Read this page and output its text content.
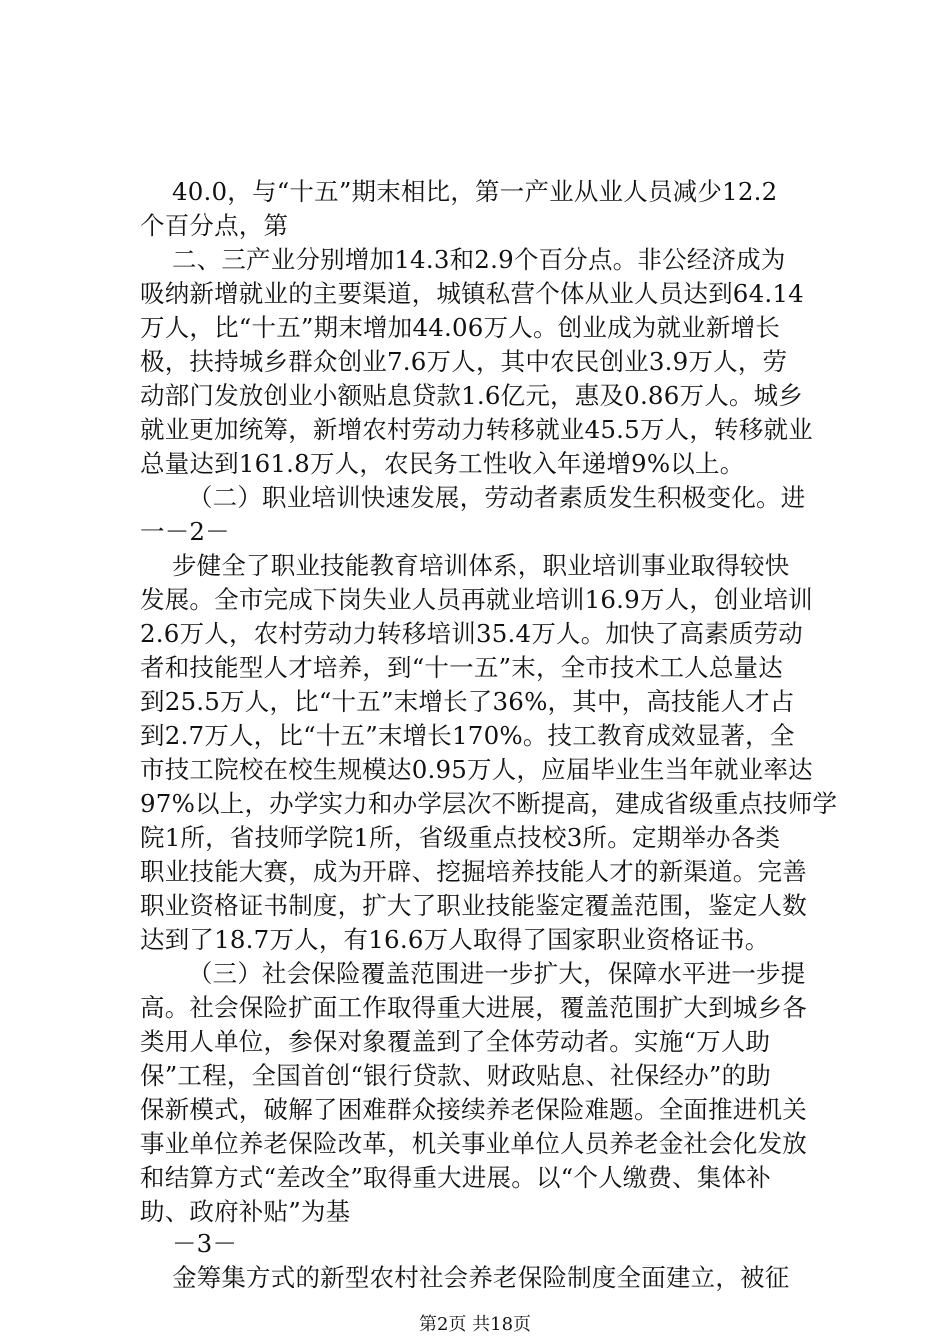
40.0，与“十五”期末相比，第一产业从业人员减少12.2
个百分点，第
二、三产业分别增加14.3和2.9个百分点。非公经济成为
吸纳新增就业的主要渠道，城镇私营个体从业人员达到64.14
万人，比“十五”期末增加44.06万人。创业成为就业新增长
极，扶持城乡群众创业7.6万人，其中农民创业3.9万人，劳
动部门发放创业小额贴息贷款1.6亿元，惠及0.86万人。城乡
就业更加统筹，新增农村劳动力转移就业45.5万人，转移就业
总量达到161.8万人，农民务工性收入年递增9%以上。
（二）职业培训快速发展，劳动者素质发生积极变化。进
一－2－
步健全了职业技能教育培训体系，职业培训事业取得较快
发展。全市完成下岗失业人员再就业培训16.9万人，创业培训
2.6万人，农村劳动力转移培训35.4万人。加快了高素质劳动
者和技能型人才培养，到“十一五”末，全市技术工人总量达
到25.5万人，比“十五”末增长了36%，其中，高技能人才占
到2.7万人，比“十五”末增长170%。技工教育成效显著，全
市技工院校在校生规模达0.95万人，应届毕业生当年就业率达
97%以上，办学实力和办学层次不断提高，建成省级重点技师学
院1所，省技师学院1所，省级重点技校3所。定期举办各类
职业技能大赛，成为开辟、挖掘培养技能人才的新渠道。完善
职业资格证书制度，扩大了职业技能鉴定覆盖范围，鉴定人数
达到了18.7万人，有16.6万人取得了国家职业资格证书。
（三）社会保险覆盖范围进一步扩大，保障水平进一步提
高。社会保险扩面工作取得重大进展，覆盖范围扩大到城乡各
类用人单位，参保对象覆盖到了全体劳动者。实施“万人助
保”工程，全国首创“银行贷款、财政贴息、社保经办”的助
保新模式，破解了困难群众接续养老保险难题。全面推进机关
事业单位养老保险改革，机关事业单位人员养老金社会化发放
和结算方式“差改全”取得重大进展。以“个人缴费、集体补
助、政府补贴”为基
－3－
金筹集方式的新型农村社会养老保险制度全面建立，被征
第2页 共18页
